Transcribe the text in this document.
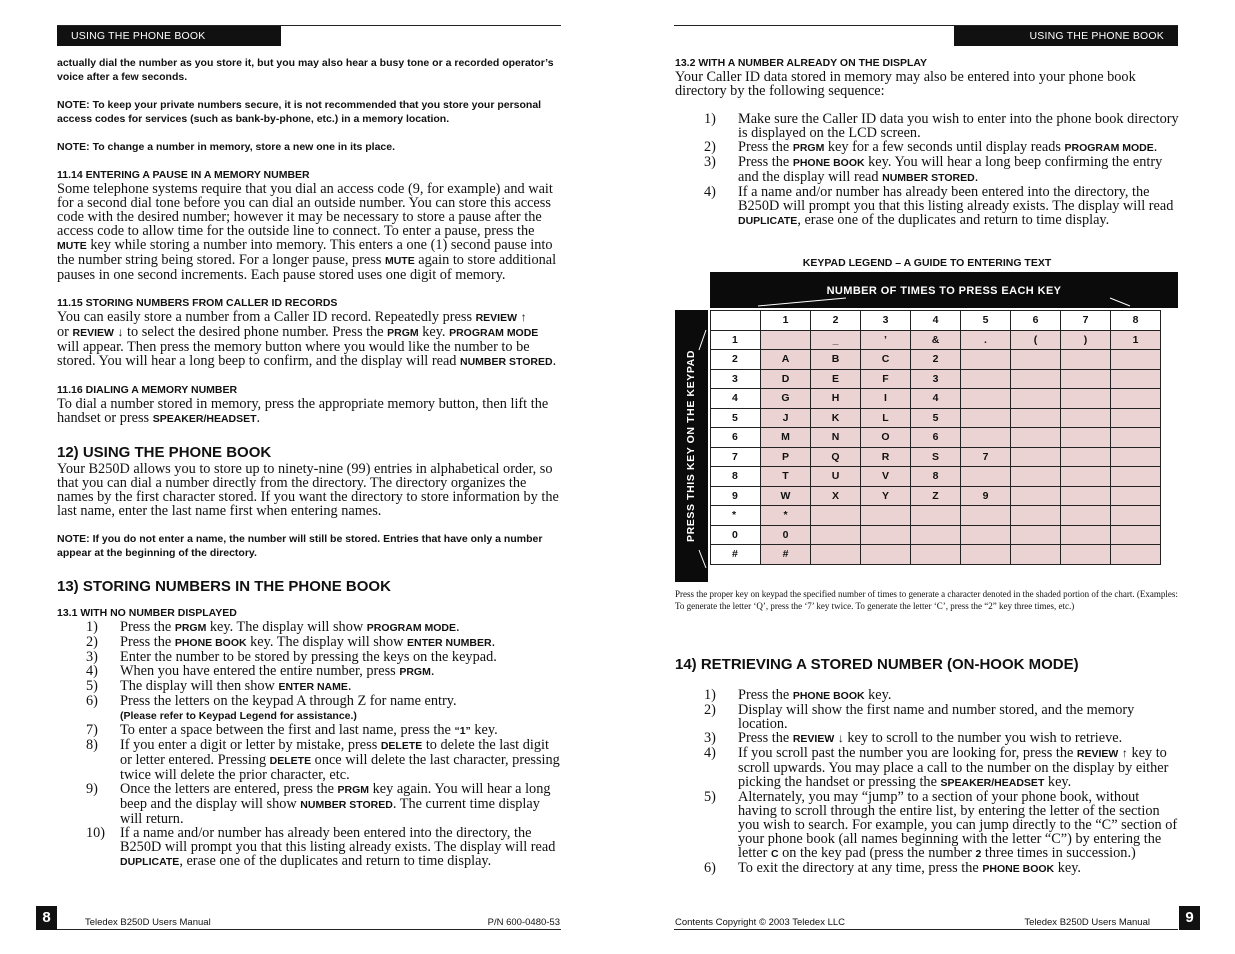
USING THE PHONE BOOK
actually dial the number as you store it, but you may also hear a busy tone or a recorded operator’s voice after a few seconds.
NOTE: To keep your private numbers secure, it is not recommended that you store your personal access codes for services (such as bank-by-phone, etc.) in a memory location.
NOTE: To change a number in memory, store a new one in its place.
11.14 ENTERING A PAUSE IN A MEMORY NUMBER
Some telephone systems require that you dial an access code (9, for example) and wait for a second dial tone before you can dial an outside number. You can store this access code with the desired number; however it may be necessary to store a pause after the access code to allow time for the outside line to connect. To enter a pause, press the MUTE key while storing a number into memory. This enters a one (1) second pause into the number string being stored. For a longer pause, press MUTE again to store additional pauses in one second increments. Each pause stored uses one digit of memory.
11.15 STORING NUMBERS FROM CALLER ID RECORDS
You can easily store a number from a Caller ID record. Repeatedly press REVIEW ↑
or REVIEW ↓ to select the desired phone number. Press the PRGM key. PROGRAM MODE will appear. Then press the memory button where you would like the number to be stored. You will hear a long beep to confirm, and the display will read NUMBER STORED.
11.16 DIALING A MEMORY NUMBER
To dial a number stored in memory, press the appropriate memory button, then lift the handset or press SPEAKER/HEADSET.
12) USING THE PHONE BOOK
Your B250D allows you to store up to ninety-nine (99) entries in alphabetical order, so that you can dial a number directly from the directory. The directory organizes the names by the first character stored. If you want the directory to store information by the last name, enter the last name first when entering names.
NOTE: If you do not enter a name, the number will still be stored. Entries that have only a number appear at the beginning of the directory.
13) STORING NUMBERS IN THE PHONE BOOK
13.1 WITH NO NUMBER DISPLAYED
1)	Press the PRGM key. The display will show PROGRAM MODE.
2)	Press the PHONE BOOK key. The display will show ENTER NUMBER.
3)	Enter the number to be stored by pressing the keys on the keypad.
4)	When you have entered the entire number, press PRGM.
5)	The display will then show ENTER NAME.
6)	Press the letters on the keypad A through Z for name entry.
(Please refer to Keypad Legend for assistance.)
7)	To enter a space between the first and last name, press the “1” key.
8)	If you enter a digit or letter by mistake, press DELETE to delete the last digit or letter entered. Pressing DELETE once will delete the last character, pressing twice will delete the prior character, etc.
9)	Once the letters are entered, press the PRGM key again. You will hear a long beep and the display will show NUMBER STORED. The current time display will return.
10)	If a name and/or number has already been entered into the directory, the B250D will prompt you that this listing already exists. The display will read DUPLICATE, erase one of the duplicates and return to time display.
8	Teledex B250D Users Manual	P/N 600-0480-53
USING THE PHONE BOOK
13.2 WITH A NUMBER ALREADY ON THE DISPLAY
Your Caller ID data stored in memory may also be entered into your phone book directory by the following sequence:
1)	Make sure the Caller ID data you wish to enter into the phone book directory is displayed on the LCD screen.
2)	Press the PRGM key for a few seconds until display reads PROGRAM MODE.
3)	Press the PHONE BOOK key. You will hear a long beep confirming the entry and the display will read NUMBER STORED.
4)	If a name and/or number has already been entered into the directory, the B250D will prompt you that this listing already exists. The display will read DUPLICATE, erase one of the duplicates and return to time display.
KEYPAD LEGEND – A GUIDE TO ENTERING TEXT
NUMBER OF TIMES TO PRESS EACH KEY
PRESS THIS KEY ON THE KEYPAD
	1	2	3	4	5	6	7	8
1		_	’	&	.	(	)	1
2	A	B	C	2				
3	D	E	F	3				
4	G	H	I	4				
5	J	K	L	5				
6	M	N	O	6				
7	P	Q	R	S	7			
8	T	U	V	8				
9	W	X	Y	Z	9			
*	*							
0	0							
#	#							
Press the proper key on keypad the specified number of times to generate a character denoted in the shaded portion of the chart. (Examples: To generate the letter ‘Q’, press the ‘7’ key twice. To generate the letter ‘C’, press the “2” key three times, etc.)
14) RETRIEVING A STORED NUMBER (ON-HOOK MODE)
1)	Press the PHONE BOOK key.
2)	Display will show the first name and number stored, and the memory location.
3)	Press the REVIEW ↓ key to scroll to the number you wish to retrieve.
4)	If you scroll past the number you are looking for, press the REVIEW ↑ key to scroll upwards. You may place a call to the number on the display by either picking the handset or pressing the SPEAKER/HEADSET key.
5)	Alternately, you may “jump” to a section of your phone book, without having to scroll through the entire list, by entering the letter of the section you wish to search. For example, you can jump directly to the “C” section of your phone book (all names beginning with the letter “C”) by entering the letter C on the key pad (press the number 2 three times in succession.)
6)	To exit the directory at any time, press the PHONE BOOK key.
Contents Copyright © 2003 Teledex LLC	Teledex B250D Users Manual	9
